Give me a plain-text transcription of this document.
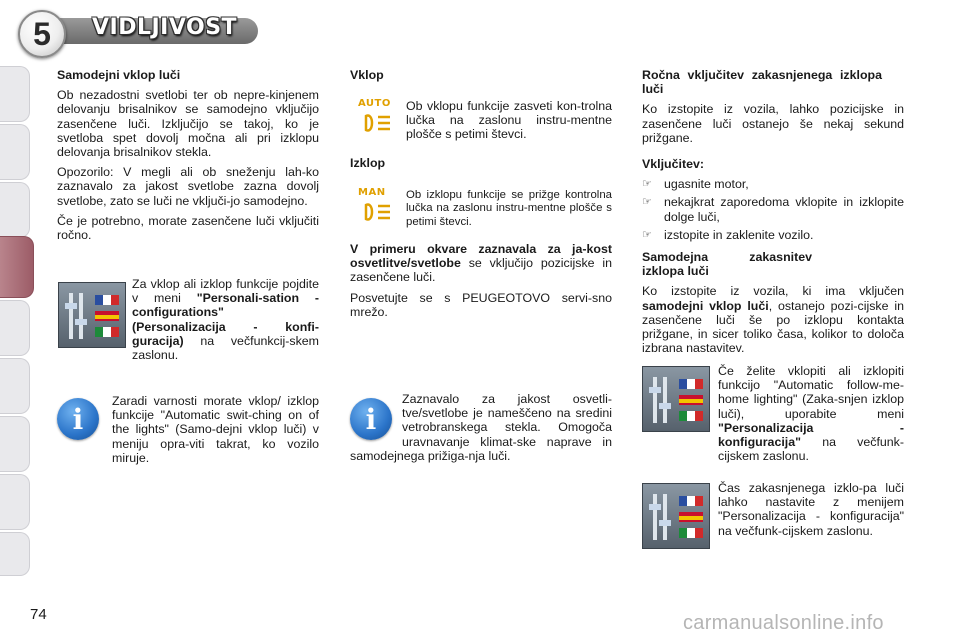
5	VIDLJIVOST
Samodejni vklop luči

Ob nezadostni svetlobi ter ob nepre-kinjenem delovanju brisalnikov se samodejno vključijo zasenčene luči. Izključijo se takoj, ko je svetloba spet dovolj močna ali pri izklopu delovanja brisalnikov stekla.

Opozorilo: V megli ali ob sneženju lah-ko zaznavalo za jakost svetlobe zazna dovolj svetlobe, zato se luči ne vključi-jo samodejno.

Če je potrebno, morate zasenčene luči vključiti ročno.

Za vklop ali izklop funkcije pojdite v meni "Personali-sation - configurations" (Personalizacija - konfi-guracija) na večfunkcij-skem zaslonu.
i
Zaradi varnosti morate vklop/ izklop funkcije "Automatic swit-ching on of the lights" (Samo-dejni vklop luči) v meniju opra-viti takrat, ko vozilo miruje.
Vklop
AUTO Ob vklopu funkcije zasveti kon-trolna lučka na zaslonu instru-mentne plošče s petimi števci.
Izklop
MAN Ob izklopu funkcije se prižge kontrolna lučka na zaslonu instru-mentne plošče s petimi števci.

V primeru okvare zaznavala za ja-kost osvetlitve/svetlobe se vključijo pozicijske in zasenčene luči.

Posvetujte se s PEUGEOTOVO servi-sno mrežo.

i
Zaznavalo za jakost osvetli-tve/svetlobe je nameščeno na sredini vetrobranskega stekla. Omogoča uravnavanje klimat-ske naprave in samodejnega prižiga-nja luči.
Ročna vključitev zakasnjenega izklopa luči

Ko izstopite iz vozila, lahko pozicijske in zasenčene luči ostanejo še nekaj sekund prižgane.

Vključitev:
☞ ugasnite motor,
☞ nekajkrat zaporedoma vklopite in izklopite dolge luči,
☞ izstopite in zaklenite vozilo.
Samodejna zakasnitev izklopa luči

Ko izstopite iz vozila, ki ima vključen samodejni vklop luči, ostanejo pozi-cijske in zasenčene luči še po izklopu kontakta prižgane, in sicer toliko časa, kolikor to določa izbrana nastavitev.

Če želite vklopiti ali izklopiti funkcijo "Automatic follow-me-home lighting" (Zaka-snjen izklop luči), uporabite meni "Personalizacija - konfiguracija" na večfunk-cijskem zaslonu.
Čas zakasnjenega izklo-pa luči lahko nastavite z menijem "Personalizacija - konfiguracija" na večfunk-cijskem zaslonu.
74	carmanualsonline.info
